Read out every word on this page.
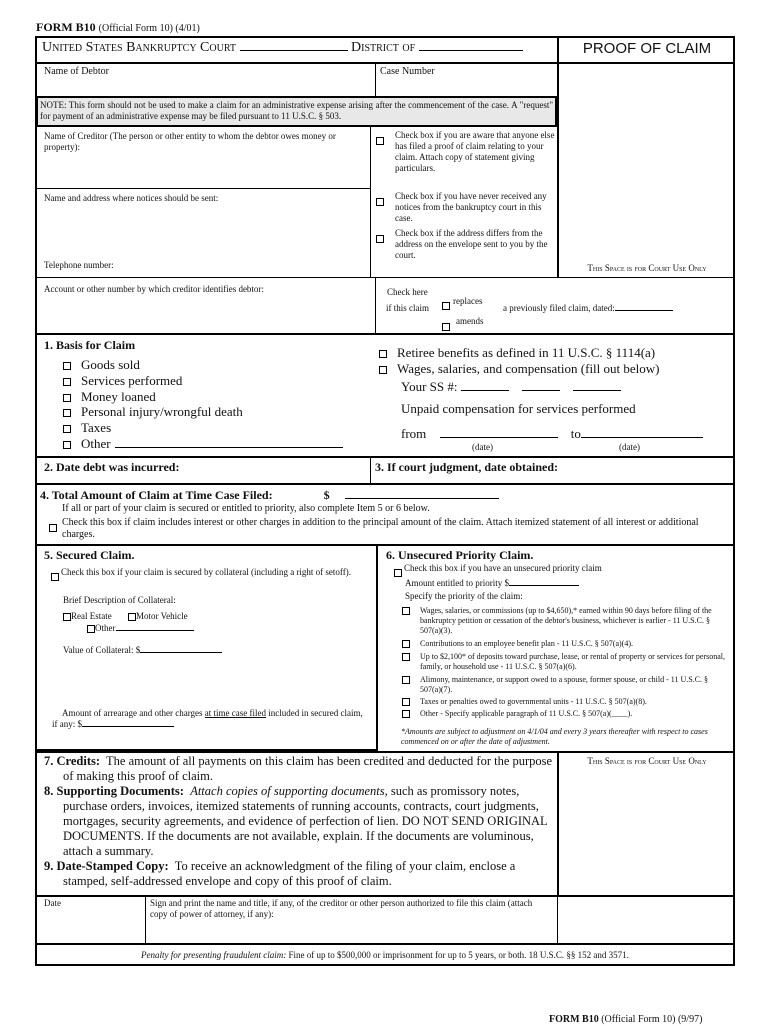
FORM B10 (Official Form 10) (4/01)
United States Bankruptcy Court	District of	PROOF OF CLAIM
Name of Debtor	Case Number
NOTE: This form should not be used to make a claim for an administrative expense arising after the commencement of the case. A "request" for payment of an administrative expense may be filed pursuant to 11 U.S.C. § 503.
Name of Creditor (The person or other entity to whom the debtor owes money or property):
Name and address where notices should be sent:
Telephone number:
Check box if you are aware that anyone else has filed a proof of claim relating to your claim. Attach copy of statement giving particulars.
Check box if you have never received any notices from the bankruptcy court in this case.
Check box if the address differs from the address on the envelope sent to you by the court.
This Space is for Court Use Only
Account or other number by which creditor identifies debtor:	Check here
if this claim
replaces
amends
a previously filed claim, dated:
1. Basis for Claim
Goods sold
Services performed
Money loaned
Personal injury/wrongful death
Taxes
Other
Retiree benefits as defined in 11 U.S.C. § 1114(a)
Wages, salaries, and compensation (fill out below)
Your SS #:
Unpaid compensation for services performed
from	to
(date)	(date)
2. Date debt was incurred:	3. If court judgment, date obtained:
4. Total Amount of Claim at Time Case Filed:	$
If all or part of your claim is secured or entitled to priority, also complete Item 5 or 6 below.
Check this box if claim includes interest or other charges in addition to the principal amount of the claim. Attach itemized statement of all interest or additional charges.
5. Secured Claim.
Check this box if your claim is secured by collateral (including a right of setoff).
Brief Description of Collateral:
Real Estate	Motor Vehicle
Other
Value of Collateral: $
Amount of arrearage and other charges at time case filed included in secured claim, if any: $
6. Unsecured Priority Claim.
Check this box if you have an unsecured priority claim
Amount entitled to priority $
Specify the priority of the claim:
Wages, salaries, or commissions (up to $4,650),* earned within 90 days before filing of the bankruptcy petition or cessation of the debtor's business, whichever is earlier - 11 U.S.C. § 507(a)(3).
Contributions to an employee benefit plan - 11 U.S.C. § 507(a)(4).
Up to $2,100* of deposits toward purchase, lease, or rental of property or services for personal, family, or household use - 11 U.S.C. § 507(a)(6).
Alimony, maintenance, or support owed to a spouse, former spouse, or child - 11 U.S.C. § 507(a)(7).
Taxes or penalties owed to governmental units - 11 U.S.C. § 507(a)(8).
Other - Specify applicable paragraph of 11 U.S.C. § 507(a)(____).
*Amounts are subject to adjustment on 4/1/04 and every 3 years thereafter with respect to cases commenced on or after the date of adjustment.
This Space is for Court Use Only
7. Credits: The amount of all payments on this claim has been credited and deducted for the purpose of making this proof of claim.
8. Supporting Documents: Attach copies of supporting documents, such as promissory notes, purchase orders, invoices, itemized statements of running accounts, contracts, court judgments, mortgages, security agreements, and evidence of perfection of lien. DO NOT SEND ORIGINAL DOCUMENTS. If the documents are not available, explain. If the documents are voluminous, attach a summary.
9. Date-Stamped Copy: To receive an acknowledgment of the filing of your claim, enclose a stamped, self-addressed envelope and copy of this proof of claim.
Date	Sign and print the name and title, if any, of the creditor or other person authorized to file this claim (attach copy of power of attorney, if any):
Penalty for presenting fraudulent claim: Fine of up to $500,000 or imprisonment for up to 5 years, or both. 18 U.S.C. §§ 152 and 3571.
FORM B10 (Official Form 10) (9/97)
